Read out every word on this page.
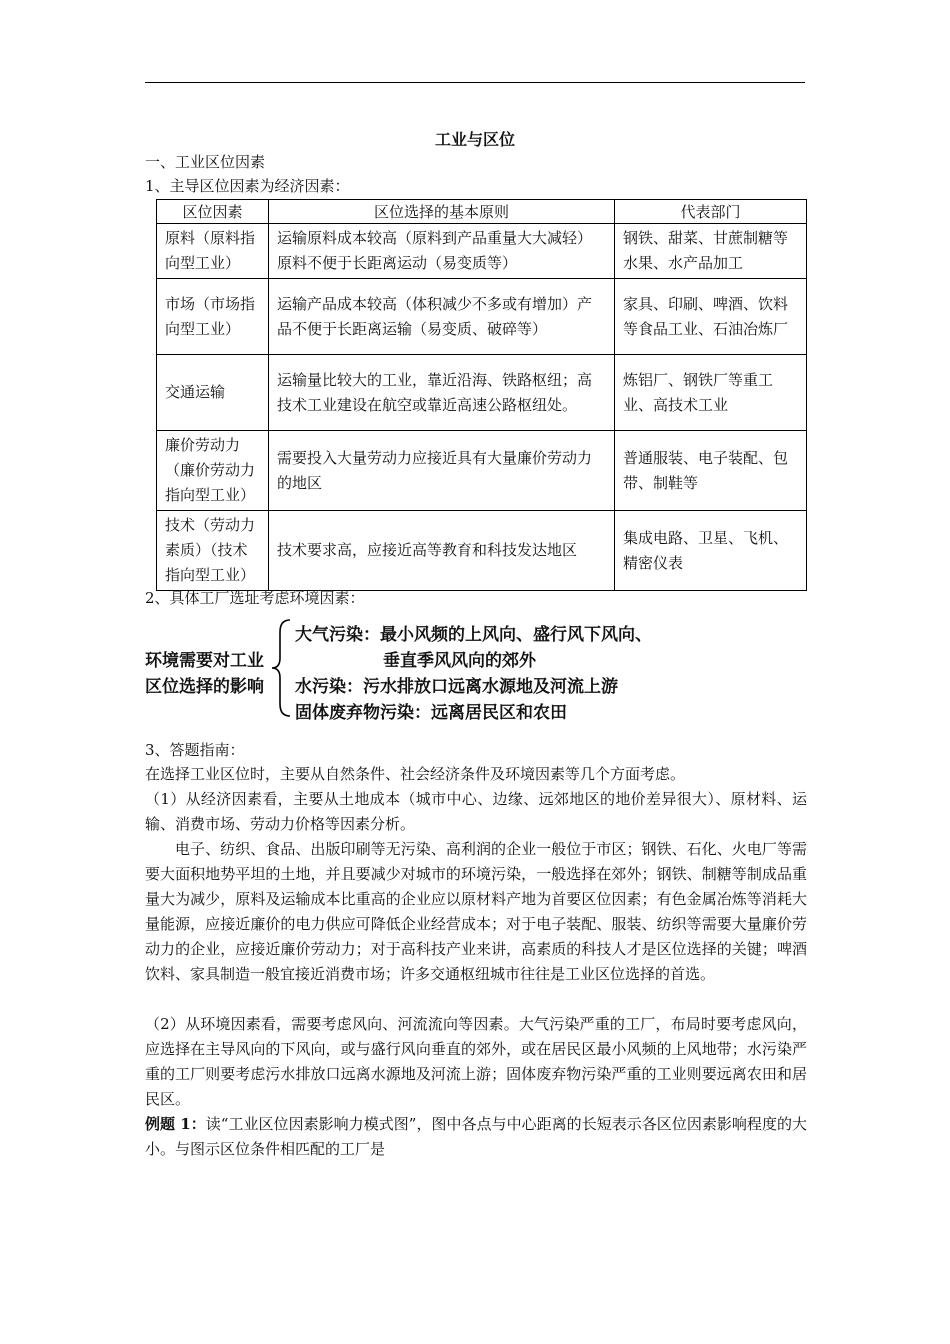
工业与区位
一、工业区位因素
1、主导区位因素为经济因素：
区位因素	区位选择的基本原则	代表部门
原料（原料指向型工业）	运输原料成本较高（原料到产品重量大大减轻）原料不便于长距离运动（易变质等）	钢铁、甜菜、甘蔗制糖等水果、水产品加工
市场（市场指向型工业）	运输产品成本较高（体积减少不多或有增加）产品不便于长距离运输（易变质、破碎等）	家具、印刷、啤酒、饮料等食品工业、石油冶炼厂
交通运输	运输量比较大的工业，靠近沿海、铁路枢纽；高技术工业建设在航空或靠近高速公路枢纽处。	炼铝厂、钢铁厂等重工业、高技术工业
廉价劳动力（廉价劳动力指向型工业）	需要投入大量劳动力应接近具有大量廉价劳动力的地区	普通服装、电子装配、包带、制鞋等
技术（劳动力素质）（技术指向型工业）	技术要求高，应接近高等教育和科技发达地区	集成电路、卫星、飞机、精密仪表
2、具体工厂选址考虑环境因素：
环境需要对工业
区位选择的影响
大气污染：最小风频的上风向、盛行风下风向、
垂直季风风向的郊外
水污染：污水排放口远离水源地及河流上游
固体废弃物污染：远离居民区和农田
3、答题指南：
在选择工业区位时，主要从自然条件、社会经济条件及环境因素等几个方面考虑。
（1）从经济因素看，主要从土地成本（城市中心、边缘、远郊地区的地价差异很大）、原材料、运输、消费市场、劳动力价格等因素分析。
电子、纺织、食品、出版印刷等无污染、高利润的企业一般位于市区；钢铁、石化、火电厂等需要大面积地势平坦的土地，并且要减少对城市的环境污染，一般选择在郊外；钢铁、制糖等制成品重量大为减少，原料及运输成本比重高的企业应以原材料产地为首要区位因素；有色金属冶炼等消耗大量能源，应接近廉价的电力供应可降低企业经营成本；对于电子装配、服装、纺织等需要大量廉价劳动力的企业，应接近廉价劳动力；对于高科技产业来讲，高素质的科技人才是区位选择的关键；啤酒饮料、家具制造一般宜接近消费市场；许多交通枢纽城市往往是工业区位选择的首选。
（2）从环境因素看，需要考虑风向、河流流向等因素。大气污染严重的工厂，布局时要考虑风向，应选择在主导风向的下风向，或与盛行风向垂直的郊外，或在居民区最小风频的上风地带；水污染严重的工厂则要考虑污水排放口远离水源地及河流上游；固体废弃物污染严重的工业则要远离农田和居民区。
例题 1：读“工业区位因素影响力模式图”，图中各点与中心距离的长短表示各区位因素影响程度的大小。与图示区位条件相匹配的工厂是
